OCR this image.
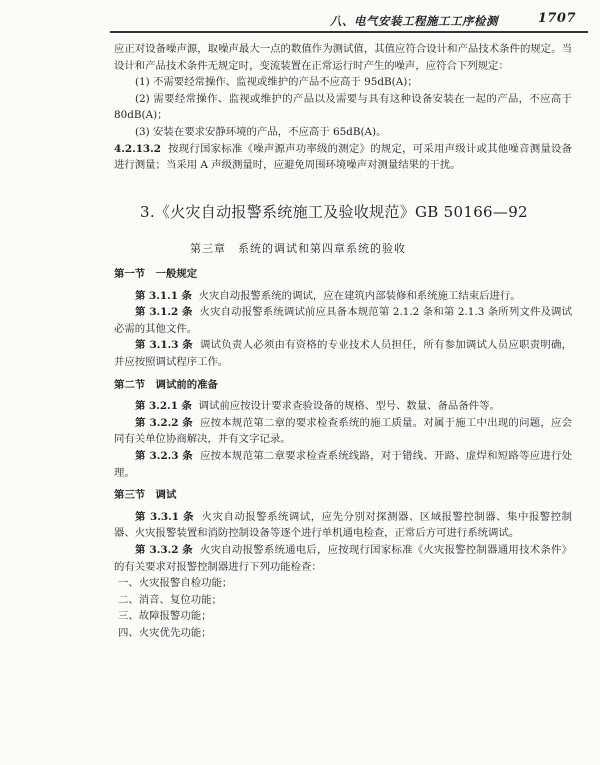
八、电气安装工程施工工序检测	1707

应正对设备噪声源，取噪声最大一点的数值作为测试值，其值应符合设计和产品技术条件的规定。当设计和产品技术条件无规定时，变流装置在正常运行时产生的噪声，应符合下列规定：

(1) 不需要经常操作、监视或维护的产品不应高于 95dB(A)；

(2) 需要经常操作、监视或维护的产品以及需要与具有这种设备安装在一起的产品，不应高于 80dB(A)；

(3) 安装在要求安静环境的产品，不应高于 65dB(A)。

4.2.13.2 按现行国家标准《噪声源声功率级的测定》的规定，可采用声级计或其他噪音测量设备进行测量；当采用 A 声级测量时，应避免周围环境噪声对测量结果的干扰。

3.《火灾自动报警系统施工及验收规范》GB 50166—92
第三章　系统的调试和第四章系统的验收

第一节　一般规定

第 3.1.1 条 火灾自动报警系统的调试，应在建筑内部装修和系统施工结束后进行。

第 3.1.2 条 火灾自动报警系统调试前应具备本规范第 2.1.2 条和第 2.1.3 条所列文件及调试必需的其他文件。

第 3.1.3 条 调试负责人必须由有资格的专业技术人员担任，所有参加调试人员应职责明确，并应按照调试程序工作。

第二节　调试前的准备

第 3.2.1 条 调试前应按设计要求查验设备的规格、型号、数量、备品备件等。

第 3.2.2 条 应按本规范第二章的要求检查系统的施工质量。对属于施工中出现的问题，应会同有关单位协商解决，并有文字记录。

第 3.2.3 条 应按本规范第二章要求检查系统线路，对于错线、开路、虚焊和短路等应进行处理。

第三节　调试

第 3.3.1 条 火灾自动报警系统调试，应先分别对探测器、区域报警控制器、集中报警控制器、火灾报警装置和消防控制设备等逐个进行单机通电检查，正常后方可进行系统调试。

第 3.3.2 条 火灾自动报警系统通电后，应按现行国家标准《火灾报警控制器通用技术条件》的有关要求对报警控制器进行下列功能检查：

一、火灾报警自检功能；

二、消音、复位功能；

三、故障报警功能；

四、火灾优先功能；
